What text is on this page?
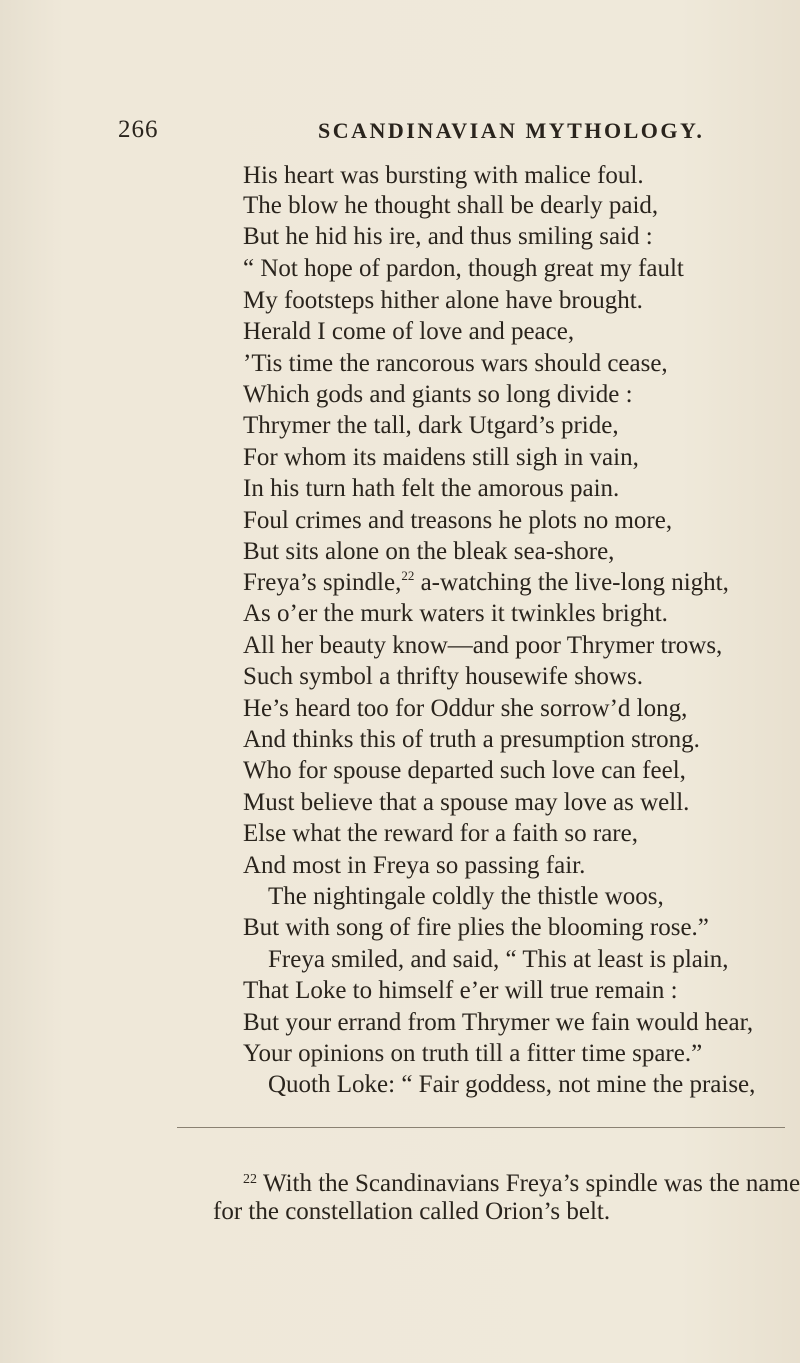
266	SCANDINAVIAN MYTHOLOGY.
His heart was bursting with malice foul.
The blow he thought shall be dearly paid,
But he hid his ire, and thus smiling said :
“ Not hope of pardon, though great my fault
My footsteps hither alone have brought.
Herald I come of love and peace,
’Tis time the rancorous wars should cease,
Which gods and giants so long divide :
Thrymer the tall, dark Utgard’s pride,
For whom its maidens still sigh in vain,
In his turn hath felt the amorous pain.
Foul crimes and treasons he plots no more,
But sits alone on the bleak sea-shore,
Freya’s spindle,$^{22}$ a-watching the live-long night,
As o’er the murk waters it twinkles bright.
All her beauty know—and poor Thrymer trows,
Such symbol a thrifty housewife shows.
He’s heard too for Oddur she sorrow’d long,
And thinks this of truth a presumption strong.
Who for spouse departed such love can feel,
Must believe that a spouse may love as well.
Else what the reward for a faith so rare,
And most in Freya so passing fair.
The nightingale coldly the thistle woos,
But with song of fire plies the blooming rose.”
Freya smiled, and said, “ This at least is plain,
That Loke to himself e’er will true remain :
But your errand from Thrymer we fain would hear,
Your opinions on truth till a fitter time spare.”
Quoth Loke: “ Fair goddess, not mine the praise,
$^{22}$ With the Scandinavians Freya’s spindle was the name
for the constellation called Orion’s belt.
